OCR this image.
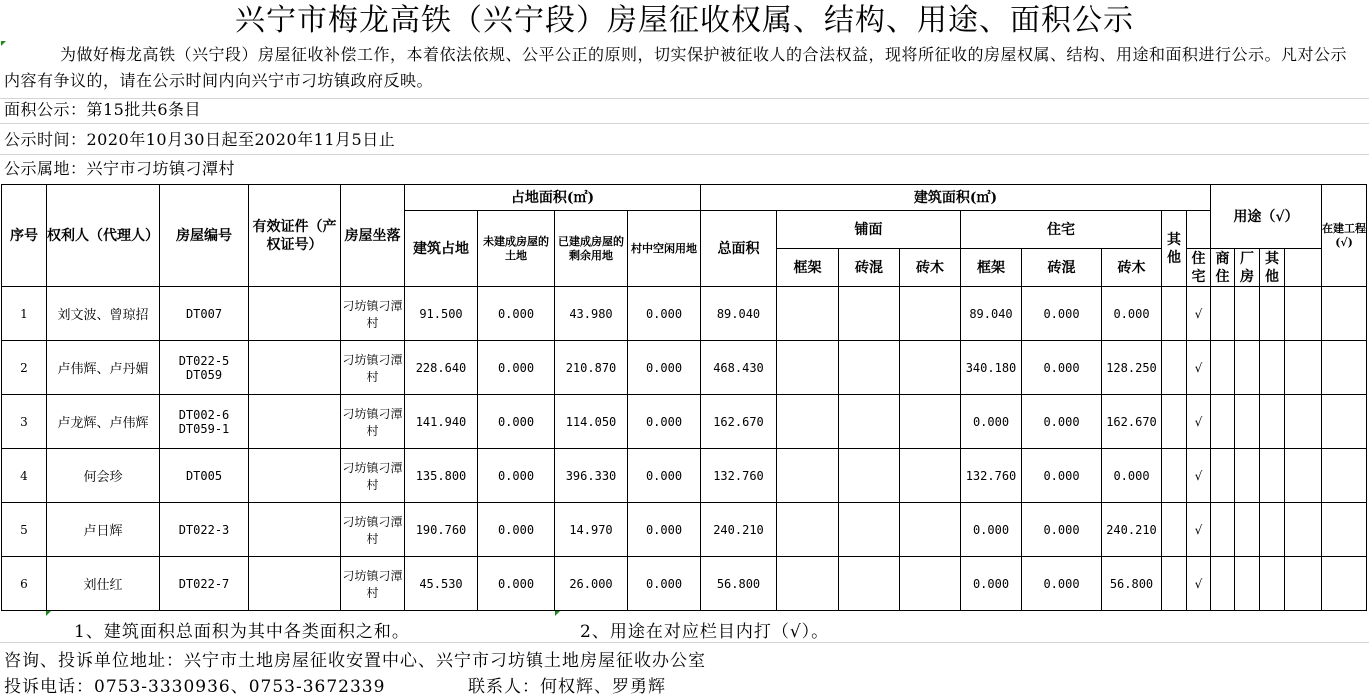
兴宁市梅龙高铁（兴宁段）房屋征收权属、结构、用途、面积公示
为做好梅龙高铁（兴宁段）房屋征收补偿工作，本着依法依规、公平公正的原则，切实保护被征收人的合法权益，现将所征收的房屋权属、结构、用途和面积进行公示。凡对公示内容有争议的，请在公示时间内向兴宁市刁坊镇政府反映。
面积公示：第15批共6条目
公示时间：2020年10月30日起至2020年11月5日止
公示属地：兴宁市刁坊镇刁潭村
序号	权利人（代理人）	房屋编号	有效证件（产权证号）	房屋坐落	占地面积(㎡)				建筑面积(㎡)									用途（√）				在建工程(√)	
					建筑占地	未建成房屋的土地	已建成房屋的剩余用地	村中空闲用地	总面积	铺面			住宅			其他							
										框架	砖混	砖木	框架	砖混	砖木		住宅	商住	厂房	其他			
1	刘文波、曾琼招	DT007		刁坊镇刁潭村	91.500	0.000	43.980	0.000	89.040				89.040	0.000	0.000		√						
2	卢伟辉、卢丹媚	DT022-5 DT059		刁坊镇刁潭村	228.640	0.000	210.870	0.000	468.430				340.180	0.000	128.250		√						
3	卢龙辉、卢伟辉	DT002-6 DT059-1		刁坊镇刁潭村	141.940	0.000	114.050	0.000	162.670				0.000	0.000	162.670		√						
4	何会珍	DT005		刁坊镇刁潭村	135.800	0.000	396.330	0.000	132.760				132.760	0.000	0.000		√						
5	卢日辉	DT022-3		刁坊镇刁潭村	190.760	0.000	14.970	0.000	240.210				0.000	0.000	240.210		√						
6	刘仕红	DT022-7		刁坊镇刁潭村	45.530	0.000	26.000	0.000	56.800				0.000	0.000	56.800		√						
1、建筑面积总面积为其中各类面积之和。	2、用途在对应栏目内打（√）。
咨询、投诉单位地址：兴宁市土地房屋征收安置中心、兴宁市刁坊镇土地房屋征收办公室
投诉电话：0753-3330936、0753-3672339	联系人：何权辉、罗勇辉
